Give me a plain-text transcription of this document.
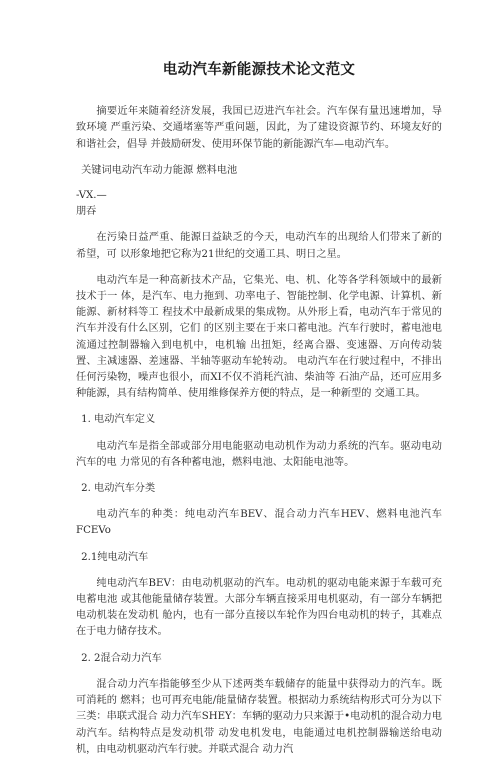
电动汽车新能源技术论文范文

摘要近年来随着经济发展，我国已迈进汽车社会。汽车保有量迅速增加，导致环境 严重污染、交通堵塞等严重问题，因此，为了建设资源节约、环境友好的和谐社会，倡导 并鼓励研发、使用环保节能的新能源汽车—电动汽车。

关键词电动汽车动力能源 燃料电池

-VX.—

朋吞

在污染日益严重、能源日益缺乏的今天，电动汽车的出现给人们带来了新的希望，可 以形象地把它称为21世纪的交通工具、明日之星。

电动汽车是一种高新技术产品，它集光、电、机、化等各学科领域中的最新技术于一 体，是汽车、电力拖到、功率电子、智能控制、化学电源、计算机、新能源、新材料等工 程技术中最新成果的集成物。从外形上看，电动汽车于常见的汽车并没有什么区别，它们 的区别主要在于来口蓄电池。汽车行驶时，蓄电池电流通过控制器输入到电机中，电机输 出扭矩，经离合器、变速器、万向传动装置、主减速器、差速器、半轴等驱动车轮转动。 电动汽车在行驶过程中，不排出任何污染物，噪声也很小，而XI不仅不消耗汽油、柴油等 石油产品，还可应用多种能源，具有结构简单、使用维修保养方便的特点，是一种新型的 交通工具。

1. 电动汽车定义

电动汽车是指全部或部分用电能驱动电动机作为动力系统的汽车。驱动电动汽车的电 力常见的有各种蓄电池，燃料电池、太阳能电池等。

2. 电动汽车分类

电动汽车的种类：纯电动汽车BEV、混合动力汽车HEV、燃料电池汽车FCEVo

2.1纯电动汽车

纯电动汽车BEV：由电动机驱动的汽车。电动机的驱动电能来源于车载可充电蓄电池 或其他能量储存装置。大部分车辆直接采用电机驱动，有一部分车辆把电动机装在发动机 舱内，也有一部分直接以车轮作为四台电动机的转子，其难点在于电力储存技术。

2. 2混合动力汽车

混合动力汽车指能够至少从下述两类车载储存的能量中获得动力的汽车。既可消耗的 燃料；也可再充电能/能量储存装置。根据动力系统结构形式可分为以下三类：串联式混合 动力汽车SHEY：车辆的驱动力只来源于•电动机的混合动力电动汽车。结构特点是发动机带 动发电机发电，电能通过电机控制器输送给电动机，由电动机驱动汽车行驶。并联式混合 动力汽
